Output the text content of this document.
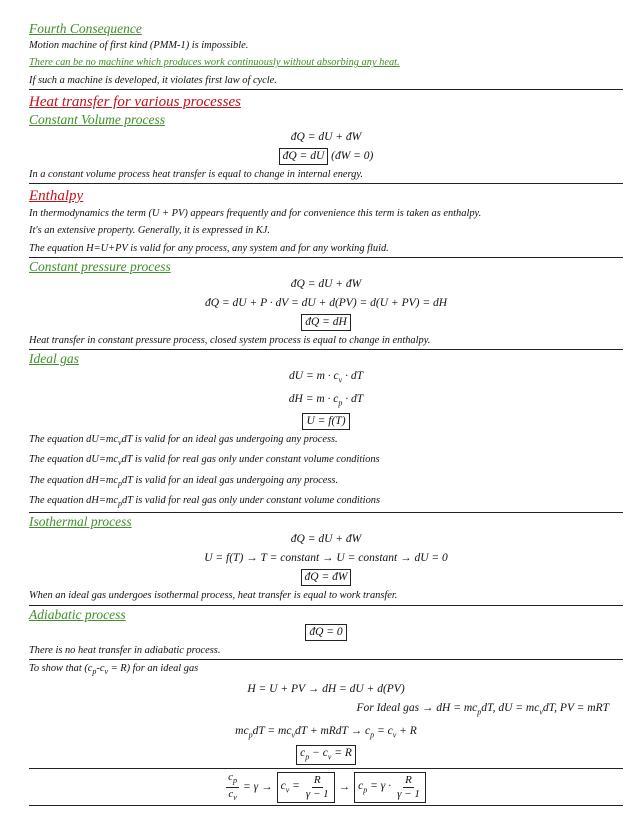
Fourth Consequence

Motion machine of first kind (PMM-1) is impossible.

There can be no machine which produces work continuously without absorbing any heat.

If such a machine is developed, it violates first law of cycle.

Heat transfer for various processes

Constant Volume process

đQ = dU + đW

đQ = dU (đW = 0)

In a constant volume process heat transfer is equal to change in internal energy.

Enthalpy

In thermodynamics the term (U + PV) appears frequently and for convenience this term is taken as enthalpy.

It's an extensive property. Generally, it is expressed in KJ.

The equation H=U+PV is valid for any process, any system and for any working fluid.

Constant pressure process

đQ = dU + đW

đQ = dU + P · dV = dU + d(PV) = d(U + PV) = dH

đQ = dH

Heat transfer in constant pressure process, closed system process is equal to change in enthalpy.

Ideal gas

dU = $m \cdot c_v$ · dT

dH = $m \cdot c_p$ · dT

U = f(T)

The equation $dU=mc_vdT$ is valid for an ideal gas undergoing any process.

The equation $dU=mc_vdT$ is valid for real gas only under constant volume conditions

The equation $dH=mc_pdT$ is valid for an ideal gas undergoing any process.

The equation $dH=mc_pdT$ is valid for real gas only under constant volume conditions

Isothermal process

đQ = dU + đW

U = f(T) → T = constant → U = constant → dU = 0

đQ = đW

When an ideal gas undergoes isothermal process, heat transfer is equal to work transfer.

Adiabatic process

đQ = 0

There is no heat transfer in adiabatic process.

To show that $(c_p-c_v = R)$ for an ideal gas

H = U + PV → dH = dU + d(PV)

For Ideal gas → dH = $mc_pdT$, dU = $mc_vdT$, PV = mRT

$mc_pdT = mc_vdT$ + mRdT → $c_p = c_v + R$

$c_p - c_v = R$

$\frac{c_p}{c_v} = \gamma \to c_v = \frac{R}{\gamma - 1} \to c_p = \gamma \cdot \frac{R}{\gamma - 1}$
